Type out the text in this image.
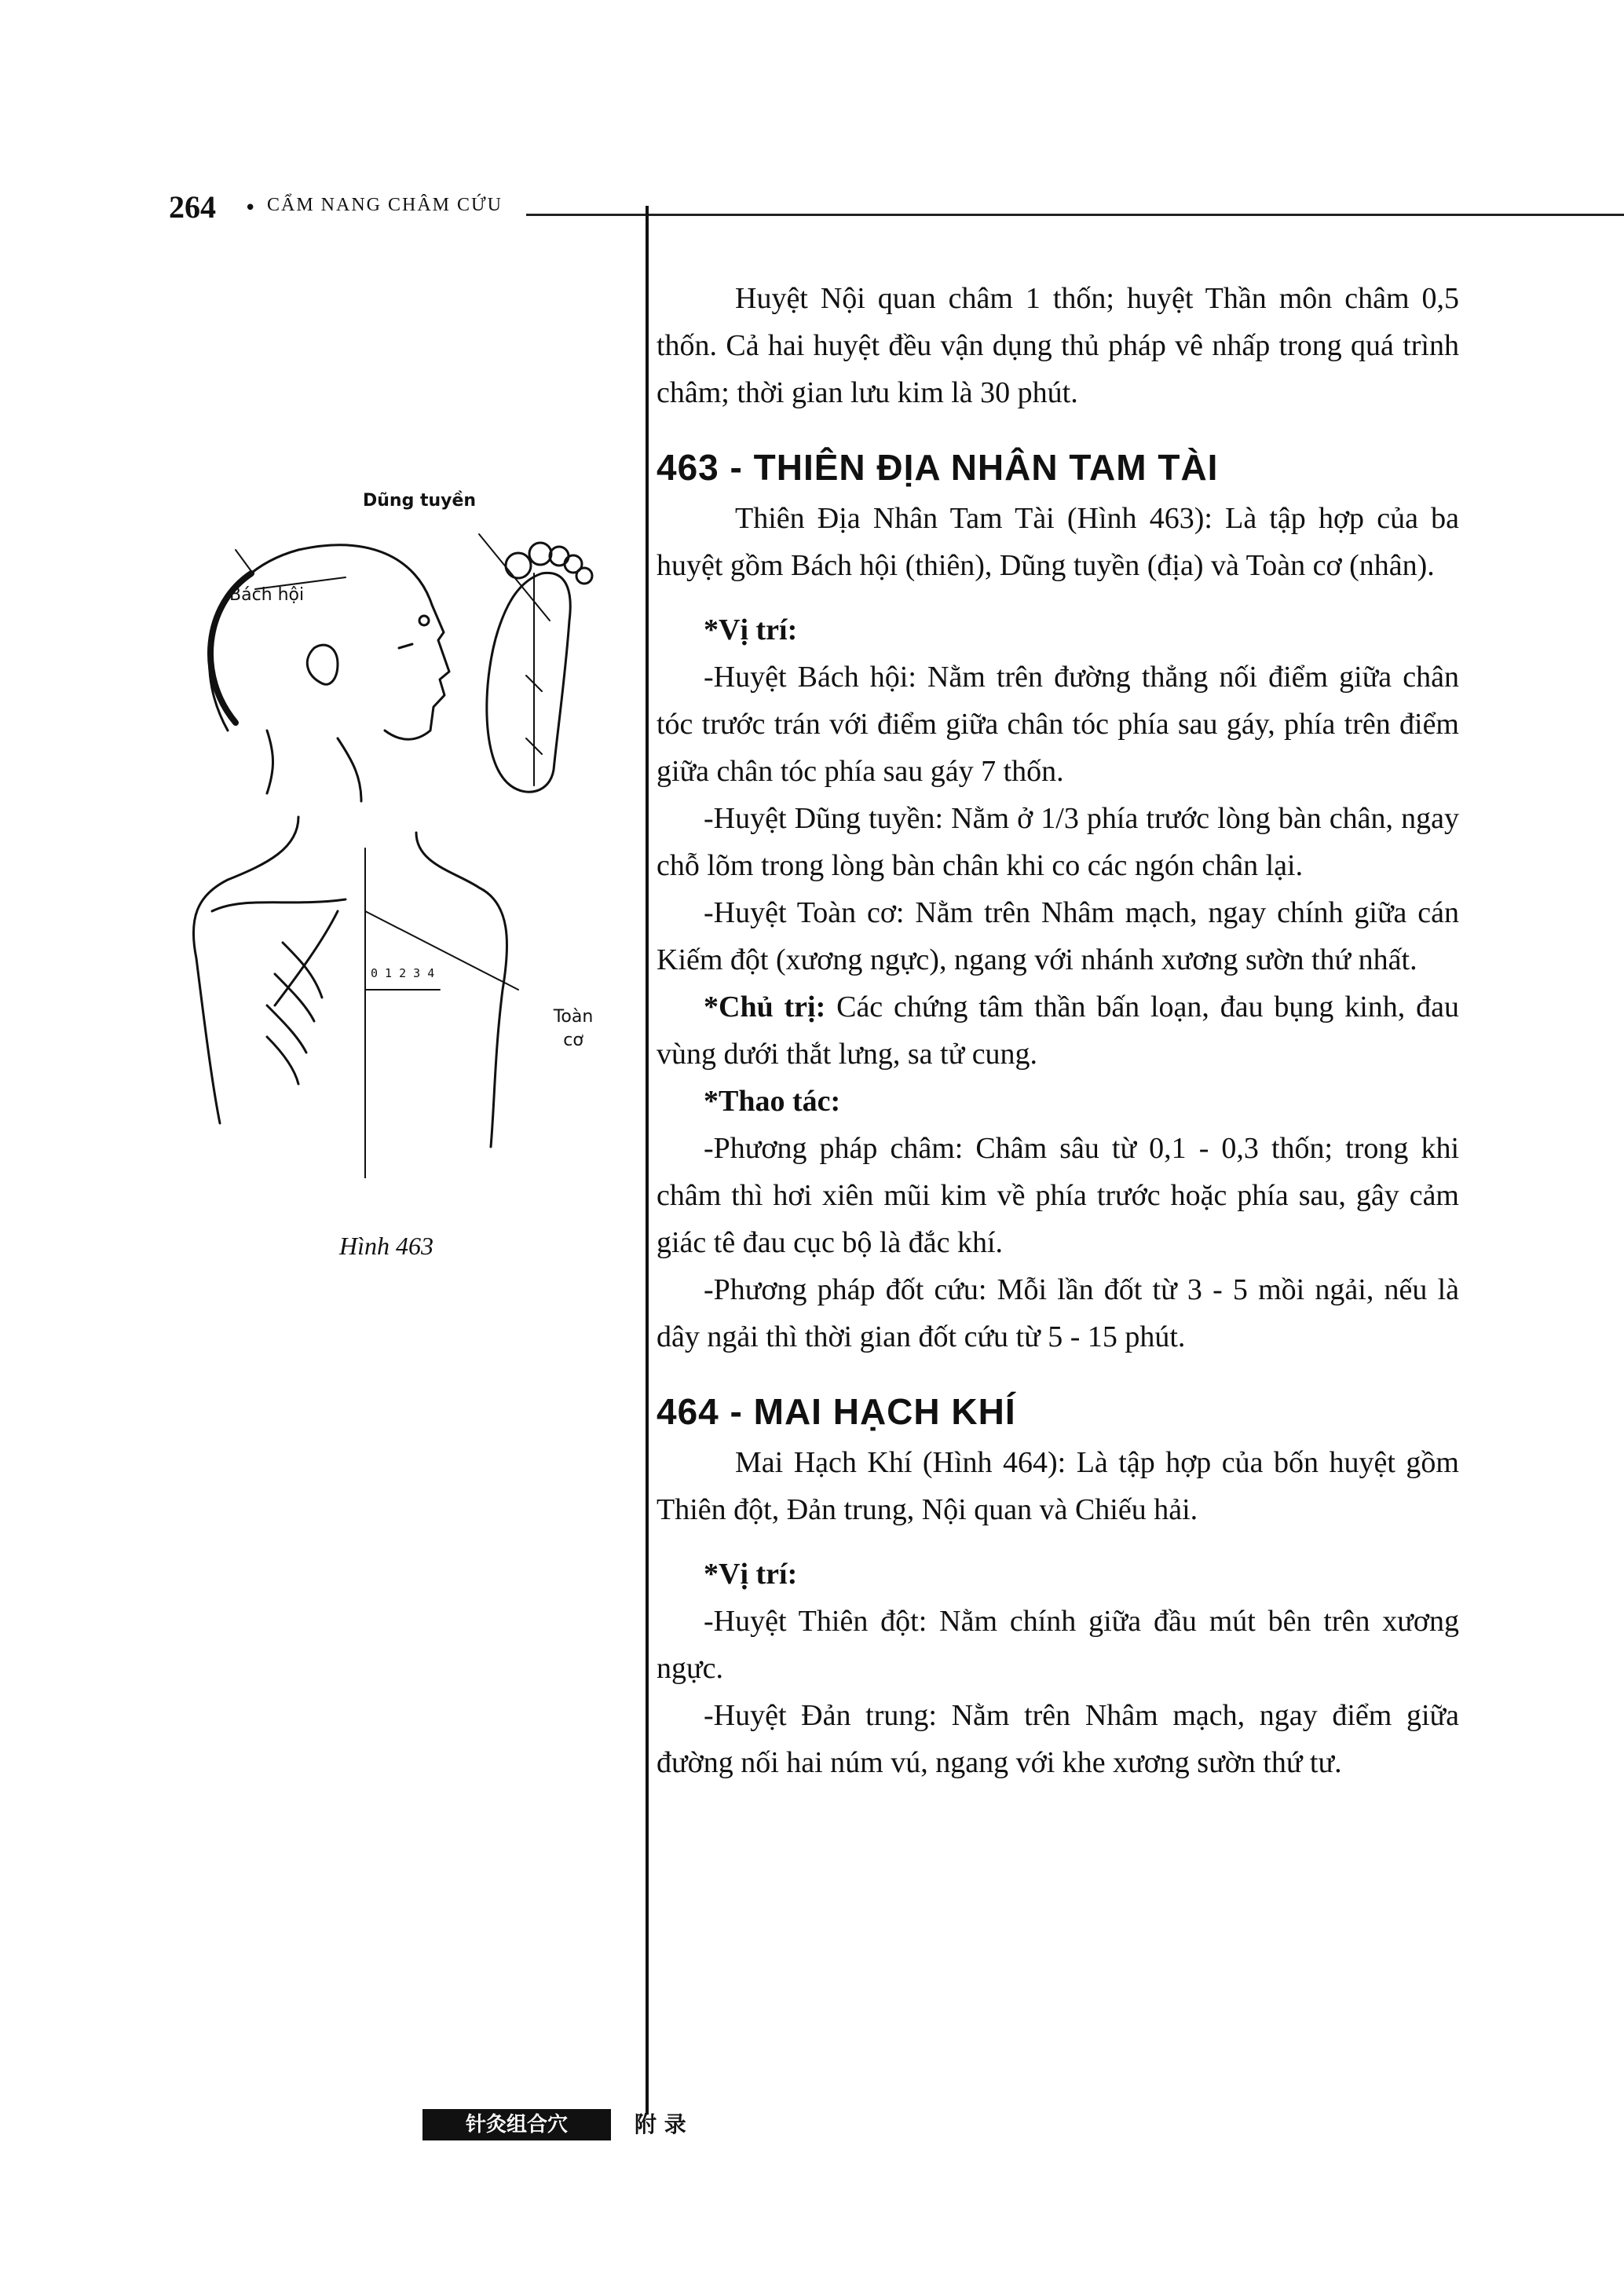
264 • CẨM NANG CHÂM CỨU
Dũng tuyền
Bách hội
0 1 2 3 4
Toàn cơ
Hình 463

Huyệt Nội quan châm 1 thốn; huyệt Thần môn châm 0,5 thốn. Cả hai huyệt đều vận dụng thủ pháp vê nhấp trong quá trình châm; thời gian lưu kim là 30 phút.

463 - THIÊN ĐỊA NHÂN TAM TÀI

Thiên Địa Nhân Tam Tài (Hình 463): Là tập hợp của ba huyệt gồm Bách hội (thiên), Dũng tuyền (địa) và Toàn cơ (nhân).

*Vị trí:

-Huyệt Bách hội: Nằm trên đường thẳng nối điểm giữa chân tóc trước trán với điểm giữa chân tóc phía sau gáy, phía trên điểm giữa chân tóc phía sau gáy 7 thốn.

-Huyệt Dũng tuyền: Nằm ở 1/3 phía trước lòng bàn chân, ngay chỗ lõm trong lòng bàn chân khi co các ngón chân lại.

-Huyệt Toàn cơ: Nằm trên Nhâm mạch, ngay chính giữa cán Kiếm đột (xương ngực), ngang với nhánh xương sườn thứ nhất.

*Chủ trị: Các chứng tâm thần bấn loạn, đau bụng kinh, đau vùng dưới thắt lưng, sa tử cung.

*Thao tác:

-Phương pháp châm: Châm sâu từ 0,1 - 0,3 thốn; trong khi châm thì hơi xiên mũi kim về phía trước hoặc phía sau, gây cảm giác tê đau cục bộ là đắc khí.

-Phương pháp đốt cứu: Mỗi lần đốt từ 3 - 5 mồi ngải, nếu là dây ngải thì thời gian đốt cứu từ 5 - 15 phút.

464 - MAI HẠCH KHÍ

Mai Hạch Khí (Hình 464): Là tập hợp của bốn huyệt gồm Thiên đột, Đản trung, Nội quan và Chiếu hải.

*Vị trí:

-Huyệt Thiên đột: Nằm chính giữa đầu mút bên trên xương ngực.

-Huyệt Đản trung: Nằm trên Nhâm mạch, ngay điểm giữa đường nối hai núm vú, ngang với khe xương sườn thứ tư.

针灸组合穴	附 录
